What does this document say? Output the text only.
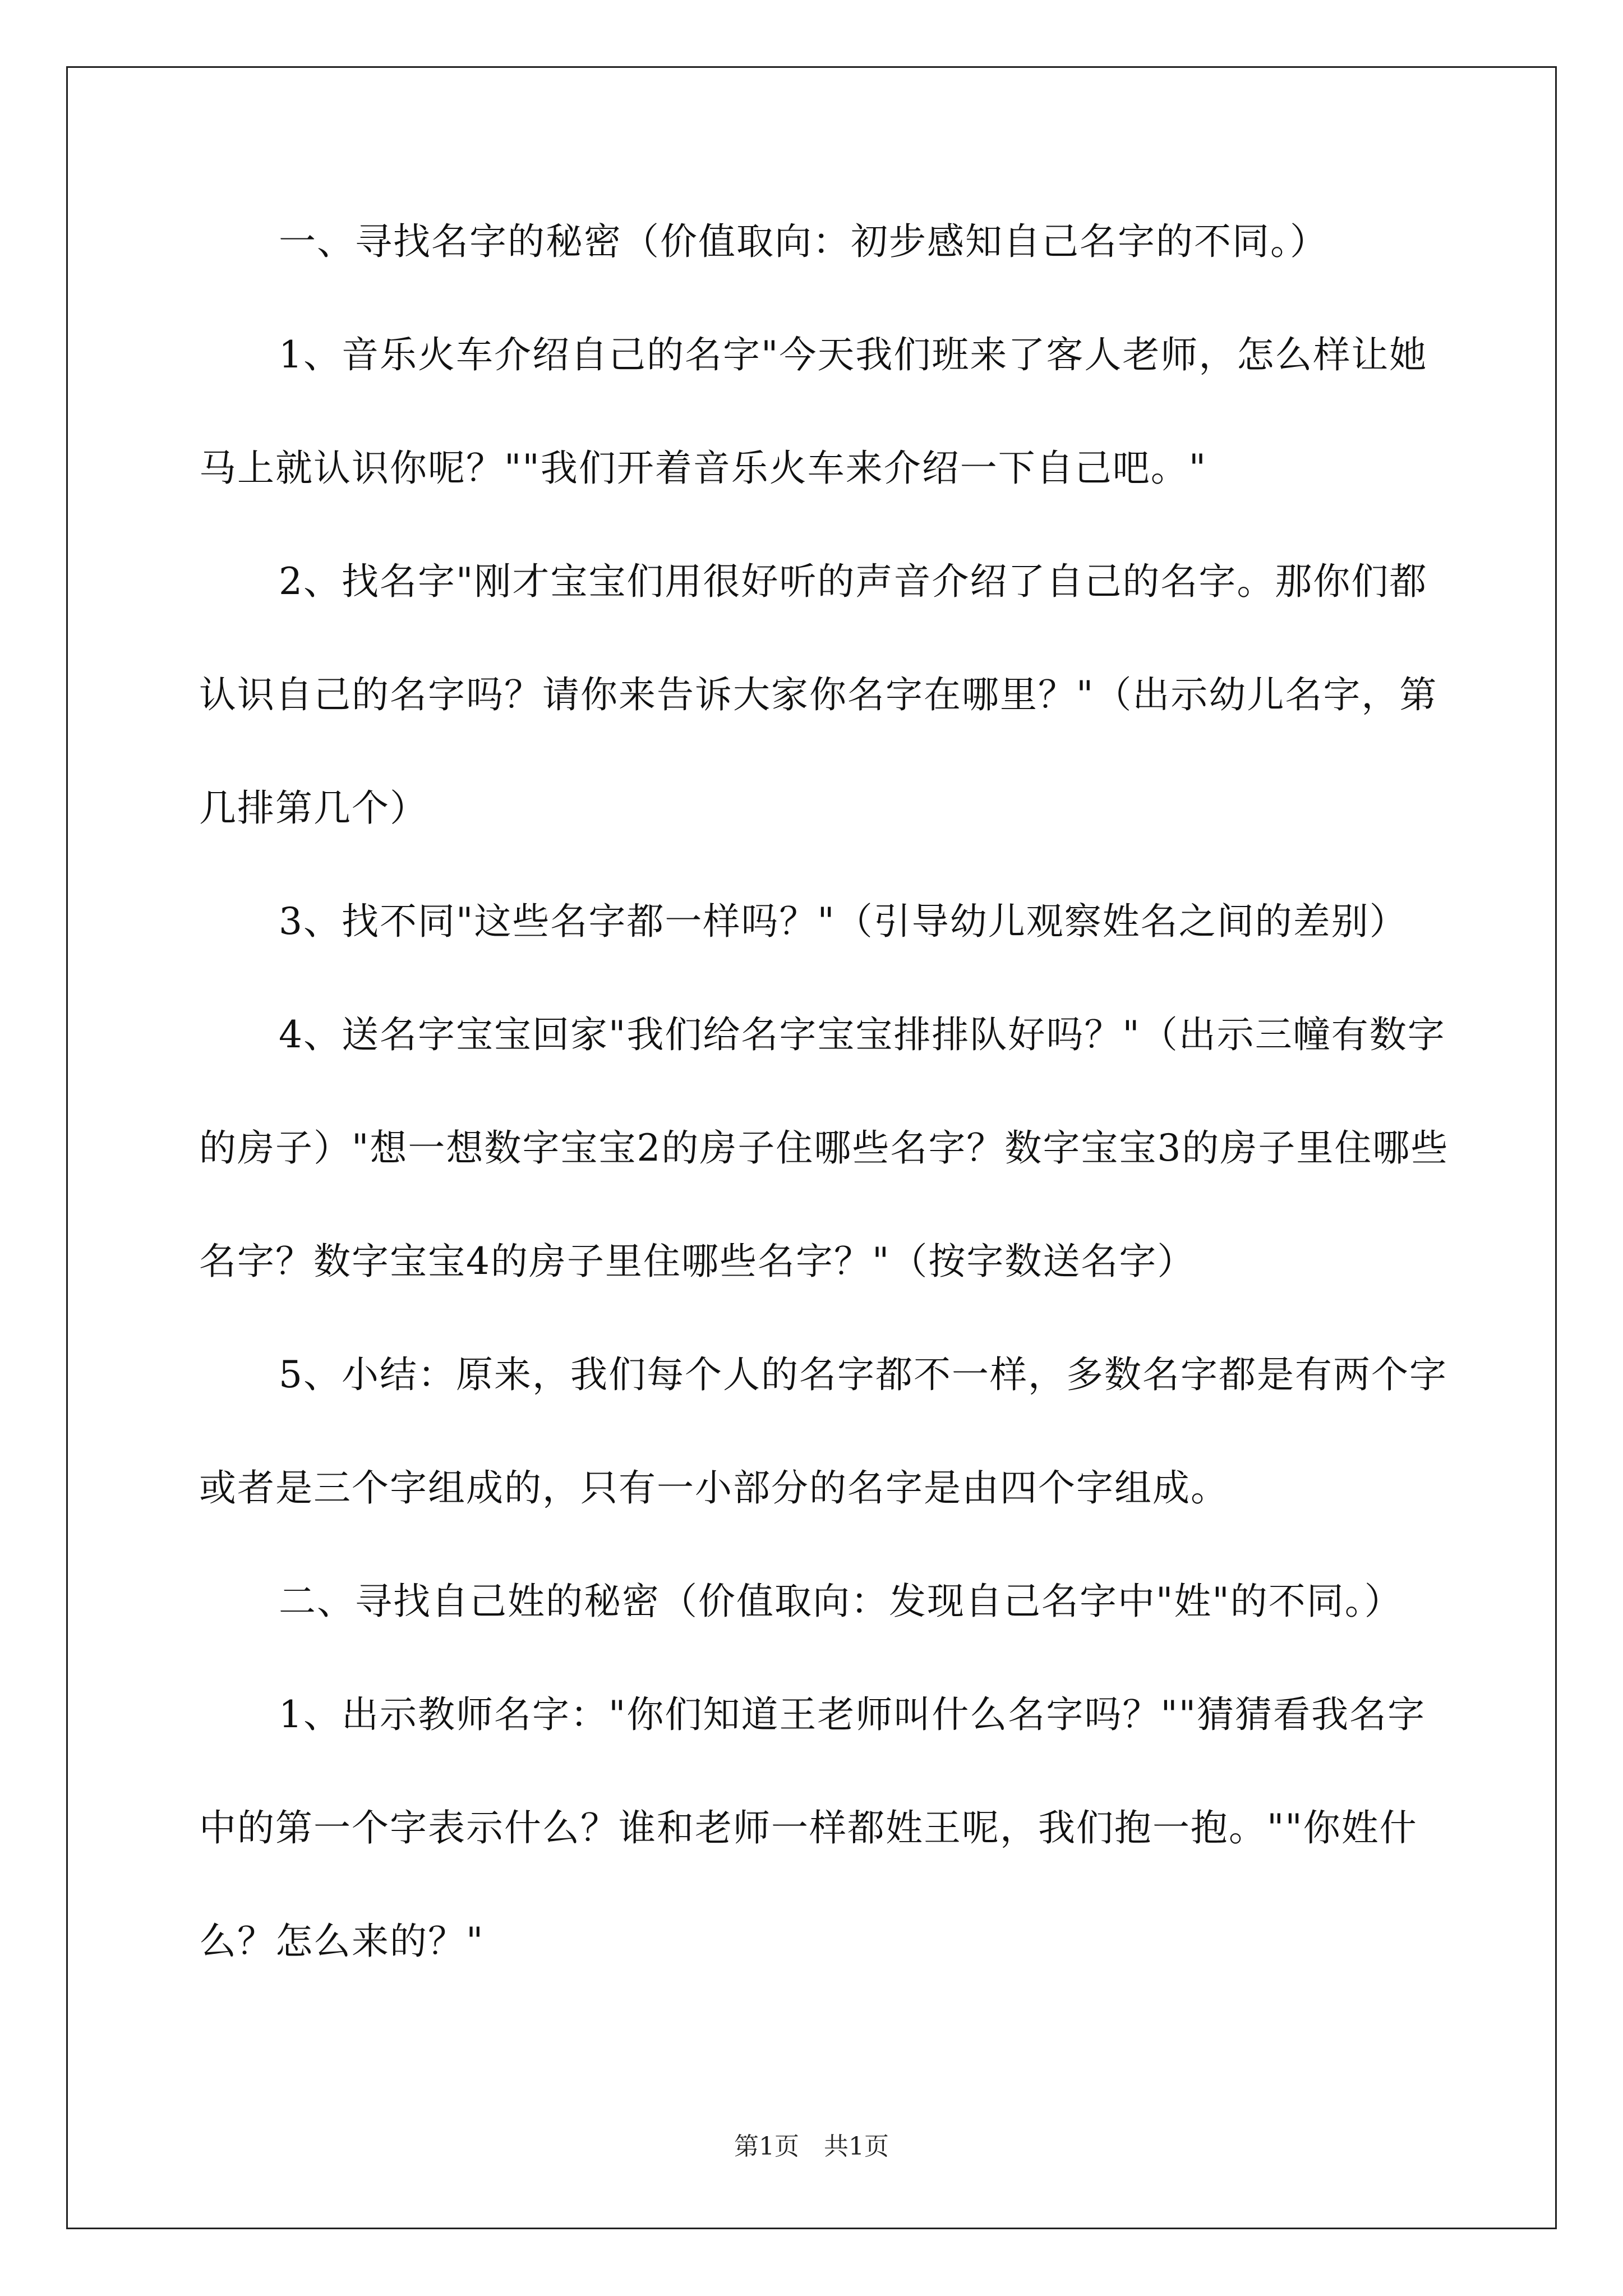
一、寻找名字的秘密（价值取向：初步感知自己名字的不同。）

1、音乐火车介绍自己的名字"今天我们班来了客人老师，怎么样让她马上就认识你呢？""我们开着音乐火车来介绍一下自己吧。"

2、找名字"刚才宝宝们用很好听的声音介绍了自己的名字。那你们都认识自己的名字吗？请你来告诉大家你名字在哪里？"（出示幼儿名字，第几排第几个）

3、找不同"这些名字都一样吗？"（引导幼儿观察姓名之间的差别）

4、送名字宝宝回家"我们给名字宝宝排排队好吗？"（出示三幢有数字的房子）"想一想数字宝宝2的房子住哪些名字？数字宝宝3的房子里住哪些名字？数字宝宝4的房子里住哪些名字？"（按字数送名字）

5、小结：原来，我们每个人的名字都不一样，多数名字都是有两个字或者是三个字组成的，只有一小部分的名字是由四个字组成。

二、寻找自己姓的秘密（价值取向：发现自己名字中"姓"的不同。）

1、出示教师名字："你们知道王老师叫什么名字吗？""猜猜看我名字中的第一个字表示什么？谁和老师一样都姓王呢，我们抱一抱。""你姓什么？怎么来的？"

第1页　共1页
